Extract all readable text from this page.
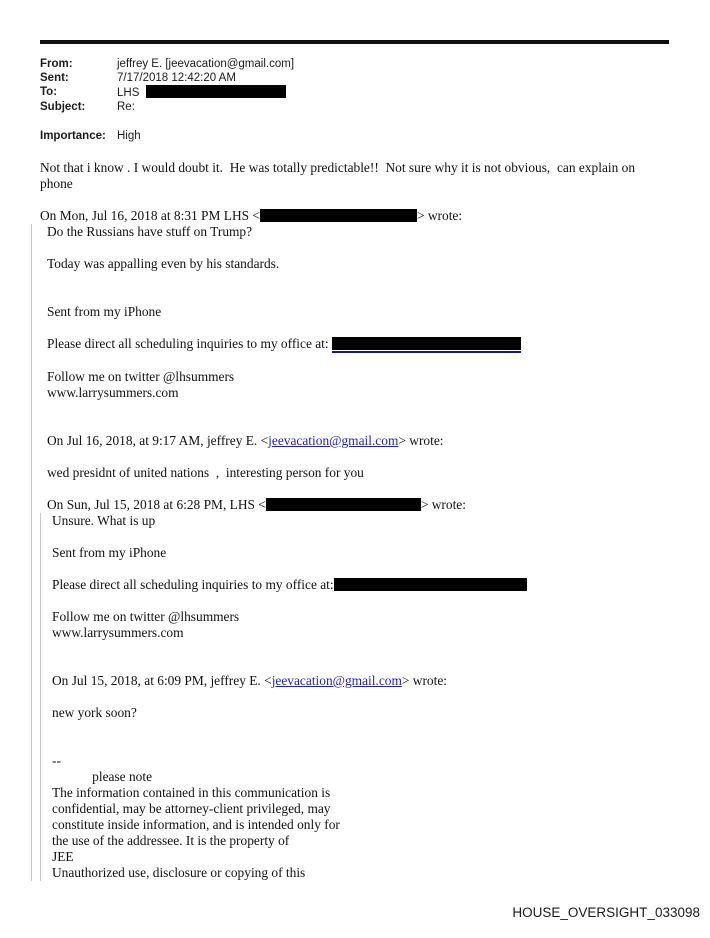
From:	jeffrey E. [jeevacation@gmail.com]
Sent:	7/17/2018 12:42:20 AM
To:	LHS
Subject:	Re:
Importance: High
Not that i know . I would doubt it.  He was totally predictable!!  Not sure why it is not obvious,  can explain on phone

On Mon, Jul 16, 2018 at 8:31 PM LHS <	> wrote:
Do the Russians have stuff on Trump?

Today was appalling even by his standards.

Sent from my iPhone

Please direct all scheduling inquiries to my office at:

Follow me on twitter @lhsummers
www.larrysummers.com

On Jul 16, 2018, at 9:17 AM, jeffrey E. <jeevacation@gmail.com> wrote:

wed presidnt of united nations  ,  interesting person for you

On Sun, Jul 15, 2018 at 6:28 PM, LHS <	> wrote:
Unsure. What is up

Sent from my iPhone

Please direct all scheduling inquiries to my office at:

Follow me on twitter @lhsummers
www.larrysummers.com

On Jul 15, 2018, at 6:09 PM, jeffrey E. <jeevacation@gmail.com> wrote:

new york soon?

--
please note
The information contained in this communication is
confidential, may be attorney-client privileged, may
constitute inside information, and is intended only for
the use of the addressee. It is the property of
JEE
Unauthorized use, disclosure or copying of this
HOUSE_OVERSIGHT_033098
